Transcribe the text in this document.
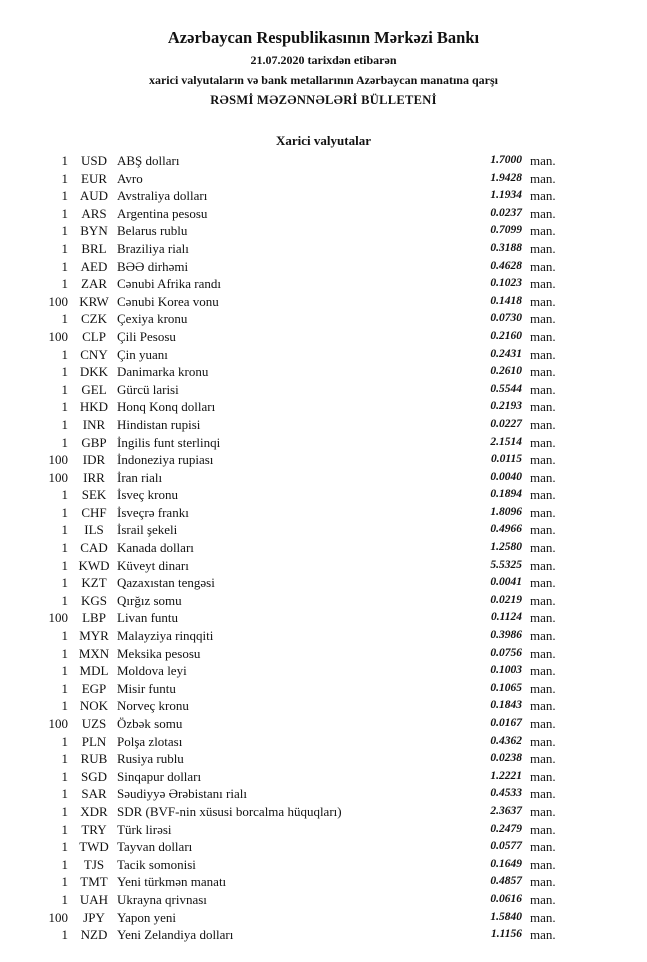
Azərbaycan Respublikasının Mərkəzi Bankı
21.07.2020 tarixdən etibarən
xarici valyutaların və bank metallarının Azərbaycan manatına qarşı
RƏSMİ MƏZƏNNƏLƏRİ BÜLLETENİ
Xarici valyutalar
1 USD ABŞ dolları	1.7000 man.
1	EUR Avro	1.9428 man.
1 AUD Avstraliya dolları	1.1934 man.
1	ARS Argentina pesosu	0.0237 man.
1 BYN Belarus rublu	0.7099 man.
1	BRL Braziliya rialı	0.3188 man.
1 AED BƏƏ dirhəmi	0.4628 man.
1	ZAR Cənubi Afrika randı	0.1023 man.
100 KRW Cənubi Korea vonu	0.1418 man.
1	CZK Çexiya kronu	0.0730 man.
100	CLP Çili Pesosu	0.2160 man.
1 CNY Çin yuanı	0.2431 man.
1 DKK Danimarka kronu	0.2610 man.
1	GEL Gürcü larisi	0.5544 man.
1 HKD Honq Konq dolları	0.2193 man.
1	INR Hindistan rupisi	0.0227 man.
1	GBP İngilis funt sterlinqi	2.1514 man.
100	IDR İndoneziya rupiası	0.0115 man.
100	IRR İran rialı	0.0040 man.
1	SEK İsveç kronu	0.1894 man.
1	CHF İsveçrə frankı	1.8096 man.
1	ILS	İsrail şekeli	0.4966 man.
1 CAD Kanada dolları	1.2580 man.
1 KWD Küveyt dinarı	5.5325 man.
1	KZT Qazaxıstan tengəsi	0.0041 man.
1 KGS Qırğız somu	0.0219 man.
100	LBP Livan funtu	0.1124 man.
1 MYR Malayziya rinqqiti	0.3986 man.
1 MXN Meksika pesosu	0.0756 man.
1 MDL Moldova leyi	0.1003 man.
1	EGP Misir funtu	0.1065 man.
1 NOK Norveç kronu	0.1843 man.
100	UZS Özbək somu	0.0167 man.
1	PLN Polşa zlotası	0.4362 man.
1 RUB Rusiya rublu	0.0238 man.
1 SGD Sinqapur dolları	1.2221 man.
1	SAR Səudiyyə Ərəbistanı rialı	0.4533 man.
1 XDR SDR (BVF-nin xüsusi borcalma hüquqları)	2.3637 man.
1	TRY Türk lirəsi	0.2479 man.
1 TWD Tayvan dolları	0.0577 man.
1	TJS Tacik somonisi	0.1649 man.
1 TMT Yeni türkmən manatı	0.4857 man.
1 UAH Ukrayna qrivnası	0.0616 man.
100	JPY Yapon yeni	1.5840 man.
1 NZD Yeni Zelandiya dolları	1.1156 man.
